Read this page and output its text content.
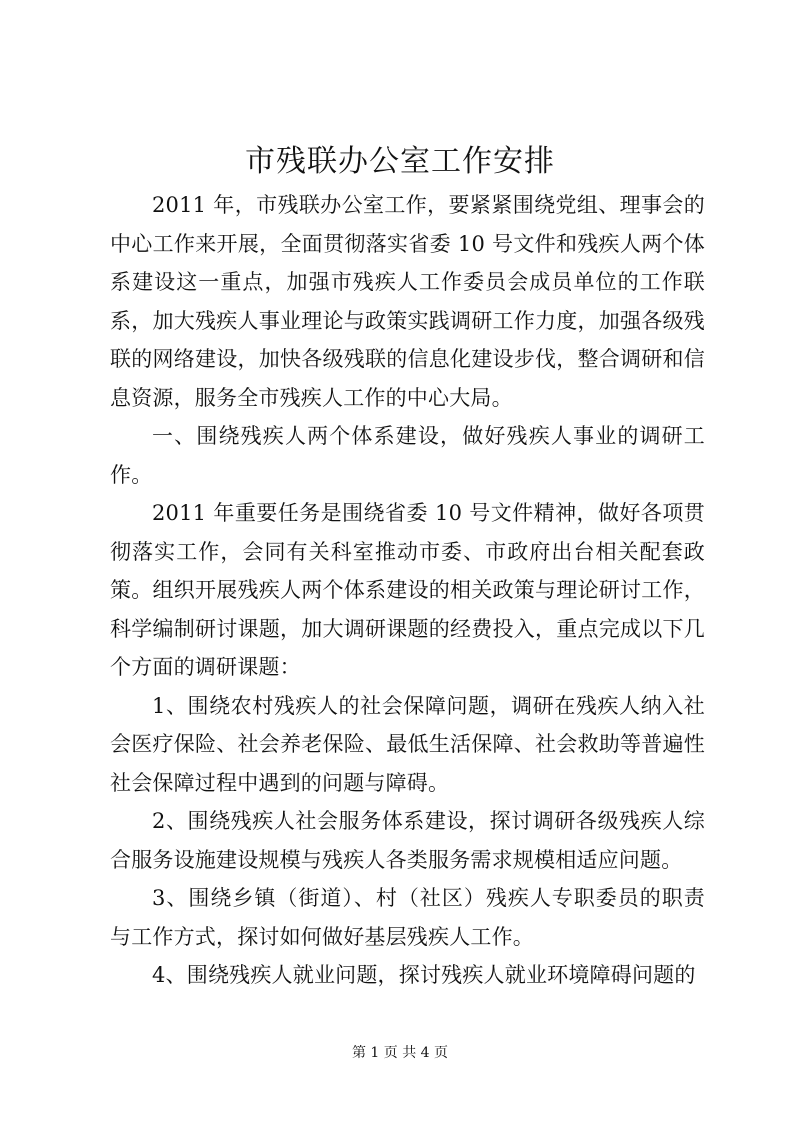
市残联办公室工作安排

2011 年，市残联办公室工作，要紧紧围绕党组、理事会的中心工作来开展，全面贯彻落实省委 10 号文件和残疾人两个体系建设这一重点，加强市残疾人工作委员会成员单位的工作联系，加大残疾人事业理论与政策实践调研工作力度，加强各级残联的网络建设，加快各级残联的信息化建设步伐，整合调研和信息资源，服务全市残疾人工作的中心大局。

一、围绕残疾人两个体系建设，做好残疾人事业的调研工作。

2011 年重要任务是围绕省委 10 号文件精神，做好各项贯彻落实工作，会同有关科室推动市委、市政府出台相关配套政策。组织开展残疾人两个体系建设的相关政策与理论研讨工作，科学编制研讨课题，加大调研课题的经费投入，重点完成以下几个方面的调研课题：

1、围绕农村残疾人的社会保障问题，调研在残疾人纳入社会医疗保险、社会养老保险、最低生活保障、社会救助等普遍性社会保障过程中遇到的问题与障碍。

2、围绕残疾人社会服务体系建设，探讨调研各级残疾人综合服务设施建设规模与残疾人各类服务需求规模相适应问题。

3、围绕乡镇（街道）、村（社区）残疾人专职委员的职责与工作方式，探讨如何做好基层残疾人工作。

4、围绕残疾人就业问题，探讨残疾人就业环境障碍问题的

第 1 页 共 4 页
